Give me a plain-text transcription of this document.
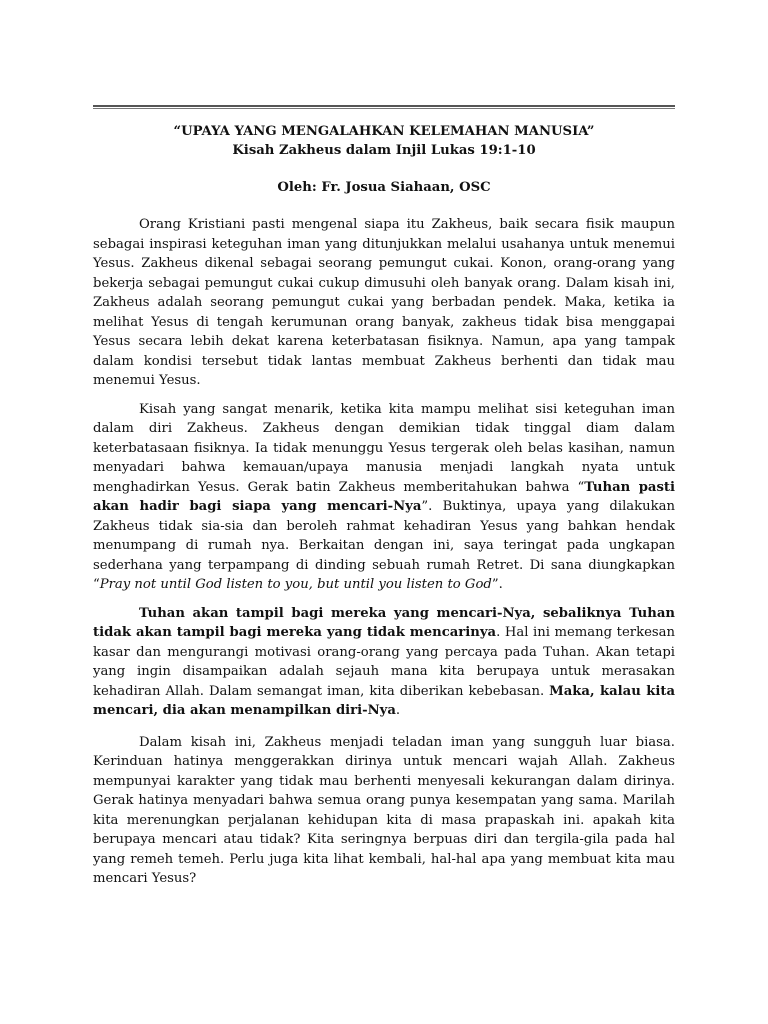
“UPAYA YANG MENGALAHKAN KELEMAHAN MANUSIA”
Kisah Zakheus dalam Injil Lukas 19:1-10
Oleh: Fr. Josua Siahaan, OSC

Orang Kristiani pasti mengenal siapa itu Zakheus, baik secara fisik maupun sebagai inspirasi keteguhan iman yang ditunjukkan melalui usahanya untuk menemui Yesus. Zakheus dikenal sebagai seorang pemungut cukai. Konon, orang-orang yang bekerja sebagai pemungut cukai cukup dimusuhi oleh banyak orang. Dalam kisah ini, Zakheus adalah seorang pemungut cukai yang berbadan pendek. Maka, ketika ia melihat Yesus di tengah kerumunan orang banyak, zakheus tidak bisa menggapai Yesus secara lebih dekat karena keterbatasan fisiknya. Namun, apa yang tampak dalam kondisi tersebut tidak lantas membuat Zakheus berhenti dan tidak mau menemui Yesus.

Kisah yang sangat menarik, ketika kita mampu melihat sisi keteguhan iman dalam diri Zakheus. Zakheus dengan demikian tidak tinggal diam dalam keterbatasaan fisiknya. Ia tidak menunggu Yesus tergerak oleh belas kasihan, namun menyadari bahwa kemauan/upaya manusia menjadi langkah nyata untuk menghadirkan Yesus. Gerak batin Zakheus memberitahukan bahwa “Tuhan pasti akan hadir bagi siapa yang mencari-Nya”. Buktinya, upaya yang dilakukan Zakheus tidak sia-sia dan beroleh rahmat kehadiran Yesus yang bahkan hendak menumpang di rumah nya. Berkaitan dengan ini, saya teringat pada ungkapan sederhana yang terpampang di dinding sebuah rumah Retret. Di sana diungkapkan “Pray not until God listen to you, but until you listen to God”.

Tuhan akan tampil bagi mereka yang mencari-Nya, sebaliknya Tuhan tidak akan tampil bagi mereka yang tidak mencarinya. Hal ini memang terkesan kasar dan mengurangi motivasi orang-orang yang percaya pada Tuhan. Akan tetapi yang ingin disampaikan adalah sejauh mana kita berupaya untuk merasakan kehadiran Allah. Dalam semangat iman, kita diberikan kebebasan. Maka, kalau kita mencari, dia akan menampilkan diri-Nya.

Dalam kisah ini, Zakheus menjadi teladan iman yang sungguh luar biasa. Kerinduan hatinya menggerakkan dirinya untuk mencari wajah Allah. Zakheus mempunyai karakter yang tidak mau berhenti menyesali kekurangan dalam dirinya. Gerak hatinya menyadari bahwa semua orang punya kesempatan yang sama. Marilah kita merenungkan perjalanan kehidupan kita di masa prapaskah ini. apakah kita berupaya mencari atau tidak? Kita seringnya berpuas diri dan tergila-gila pada hal yang remeh temeh. Perlu juga kita lihat kembali, hal-hal apa yang membuat kita mau mencari Yesus?
